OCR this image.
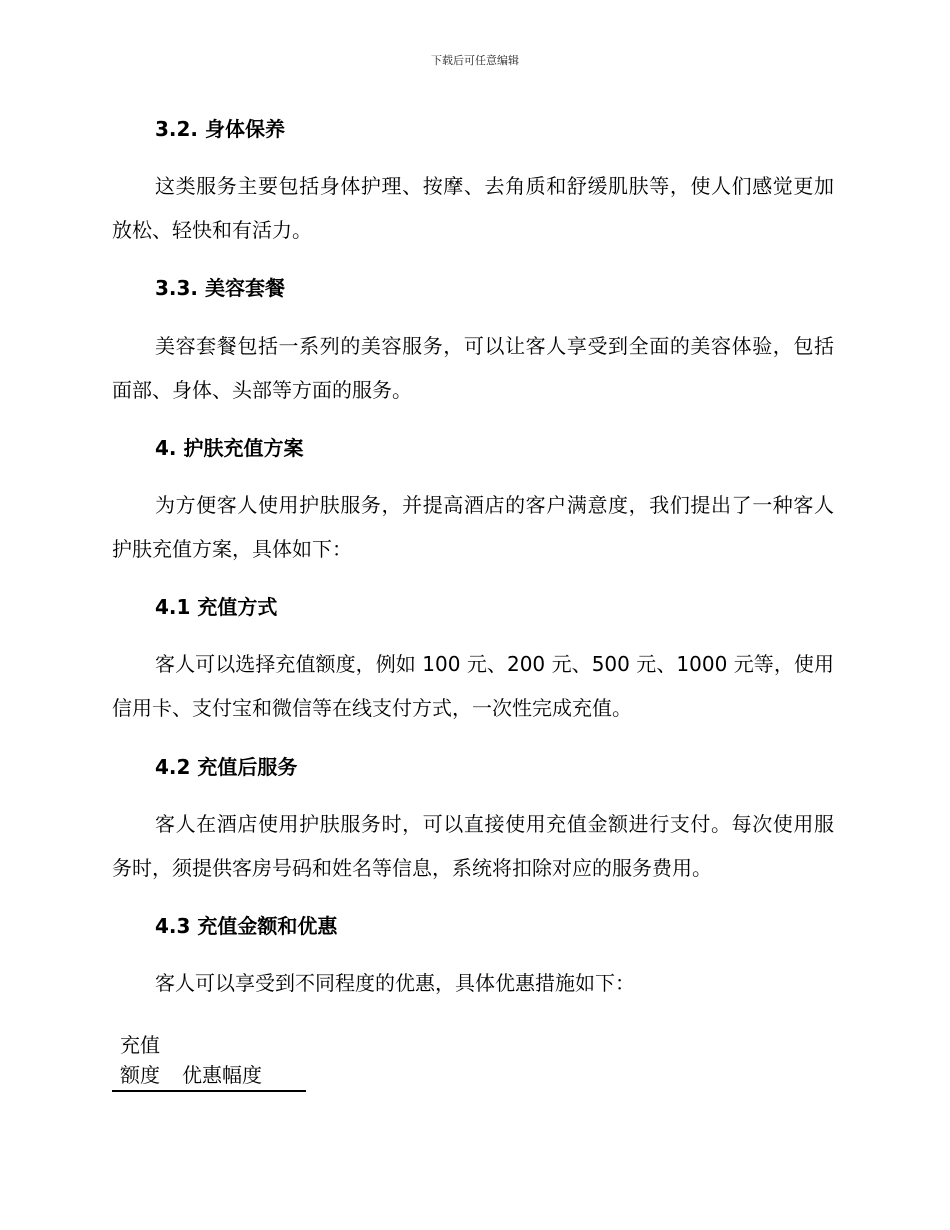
下载后可任意编辑
3.2. 身体保养
这类服务主要包括身体护理、按摩、去角质和舒缓肌肤等，使人们感觉更加放松、轻快和有活力。
3.3. 美容套餐
美容套餐包括一系列的美容服务，可以让客人享受到全面的美容体验，包括面部、身体、头部等方面的服务。
4. 护肤充值方案
为方便客人使用护肤服务，并提高酒店的客户满意度，我们提出了一种客人护肤充值方案，具体如下：
4.1 充值方式
客人可以选择充值额度，例如 100 元、200 元、500 元、1000 元等，使用信用卡、支付宝和微信等在线支付方式，一次性完成充值。
4.2 充值后服务
客人在酒店使用护肤服务时，可以直接使用充值金额进行支付。每次使用服务时，须提供客房号码和姓名等信息，系统将扣除对应的服务费用。
4.3 充值金额和优惠
客人可以享受到不同程度的优惠，具体优惠措施如下：
充值
额度	优惠幅度
